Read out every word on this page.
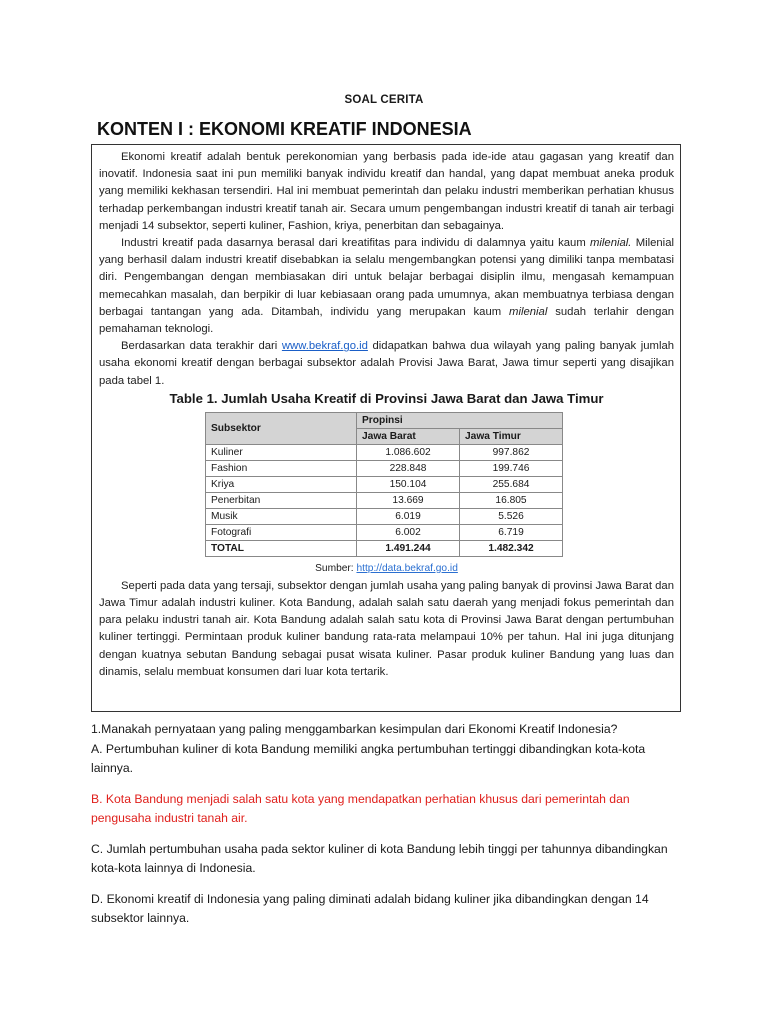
SOAL CERITA
KONTEN I : EKONOMI KREATIF INDONESIA

Ekonomi kreatif adalah bentuk perekonomian yang berbasis pada ide-ide atau gagasan yang kreatif dan inovatif. Indonesia saat ini pun memiliki banyak individu kreatif dan handal, yang dapat membuat aneka produk yang memiliki kekhasan tersendiri. Hal ini membuat pemerintah dan pelaku industri memberikan perhatian khusus terhadap perkembangan industri kreatif tanah air. Secara umum pengembangan industri kreatif di tanah air terbagi menjadi 14 subsektor, seperti kuliner, Fashion, kriya, penerbitan dan sebagainya.

Industri kreatif pada dasarnya berasal dari kreatifitas para individu di dalamnya yaitu kaum milenial. Milenial yang berhasil dalam industri kreatif disebabkan ia selalu mengembangkan potensi yang dimiliki tanpa membatasi diri. Pengembangan dengan membiasakan diri untuk belajar berbagai disiplin ilmu, mengasah kemampuan memecahkan masalah, dan berpikir di luar kebiasaan orang pada umumnya, akan membuatnya terbiasa dengan berbagai tantangan yang ada. Ditambah, individu yang merupakan kaum milenial sudah terlahir dengan pemahaman teknologi.

Berdasarkan data terakhir dari www.bekraf.go.id didapatkan bahwa dua wilayah yang paling banyak jumlah usaha ekonomi kreatif dengan berbagai subsektor adalah Provisi Jawa Barat, Jawa timur seperti yang disajikan pada tabel 1.

Table 1. Jumlah Usaha Kreatif di Provinsi Jawa Barat dan Jawa Timur
Subsektor	Propinsi	
	Jawa Barat	Jawa Timur
Kuliner	1.086.602	997.862
Fashion	228.848	199.746
Kriya	150.104	255.684
Penerbitan	13.669	16.805
Musik	6.019	5.526
Fotografi	6.002	6.719
TOTAL	1.491.244	1.482.342
Sumber: http://data.bekraf.go.id

Seperti pada data yang tersaji, subsektor dengan jumlah usaha yang paling banyak di provinsi Jawa Barat dan Jawa Timur adalah industri kuliner. Kota Bandung, adalah salah satu daerah yang menjadi fokus pemerintah dan para pelaku industri tanah air. Kota Bandung adalah salah satu kota di Provinsi Jawa Barat dengan pertumbuhan kuliner tertinggi. Permintaan produk kuliner bandung rata-rata melampaui 10% per tahun. Hal ini juga ditunjang dengan kuatnya sebutan Bandung sebagai pusat wisata kuliner. Pasar produk kuliner Bandung yang luas dan dinamis, selalu membuat konsumen dari luar kota tertarik.

1.Manakah pernyataan yang paling menggambarkan kesimpulan dari Ekonomi Kreatif Indonesia?

A. Pertumbuhan kuliner di kota Bandung memiliki angka pertumbuhan tertinggi dibandingkan kota-kota lainnya.

B. Kota Bandung menjadi salah satu kota yang mendapatkan perhatian khusus dari pemerintah dan pengusaha industri tanah air.

C. Jumlah pertumbuhan usaha pada sektor kuliner di kota Bandung lebih tinggi per tahunnya dibandingkan kota-kota lainnya di Indonesia.

D. Ekonomi kreatif di Indonesia yang paling diminati adalah bidang kuliner jika dibandingkan dengan 14 subsektor lainnya.
